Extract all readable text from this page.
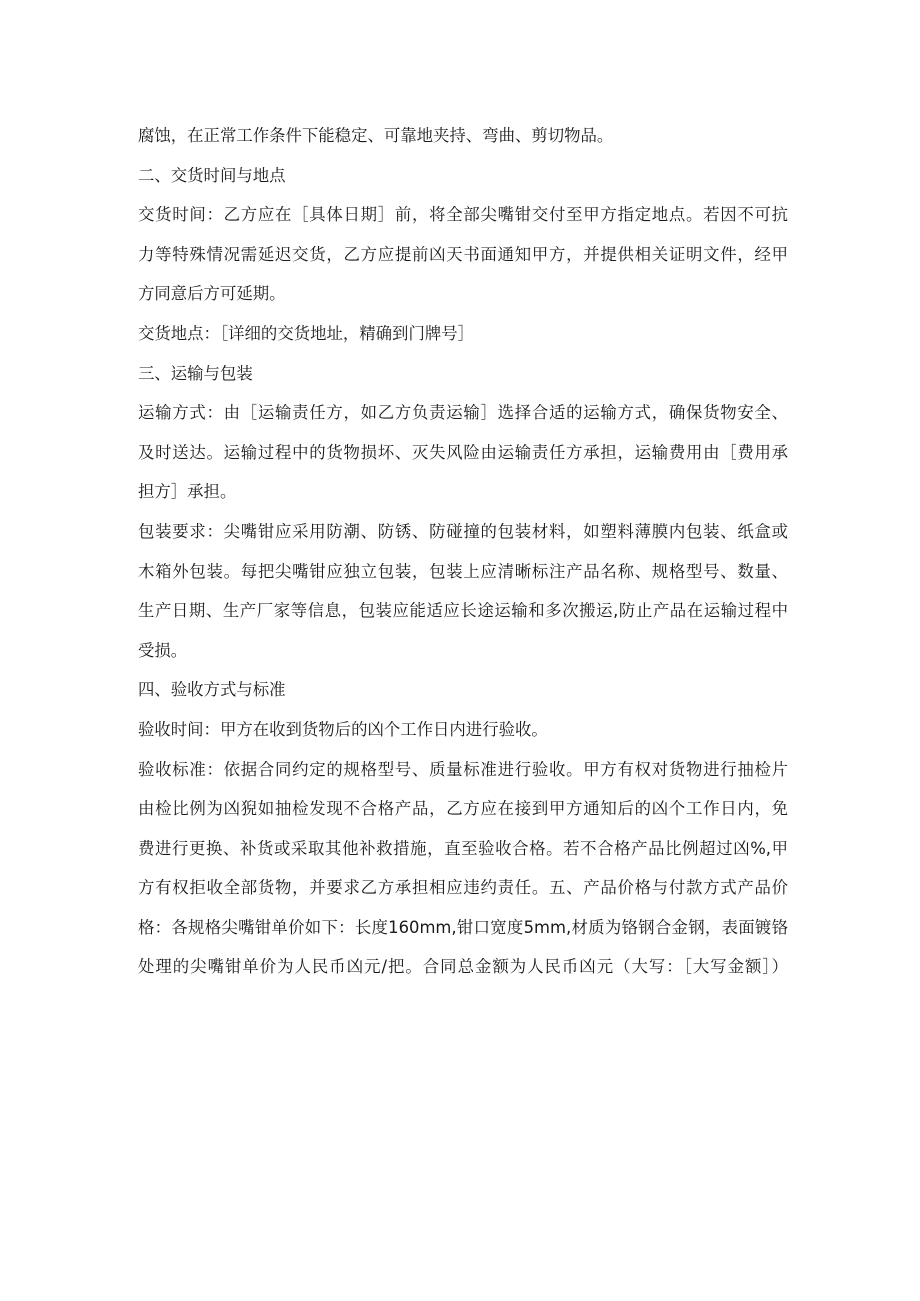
腐蚀，在正常工作条件下能稳定、可靠地夹持、弯曲、剪切物品。
二、交货时间与地点
交货时间：乙方应在［具体日期］前，将全部尖嘴钳交付至甲方指定地点。若因不可抗
力等特殊情况需延迟交货，乙方应提前凶天书面通知甲方，并提供相关证明文件，经甲
方同意后方可延期。
交货地点：［详细的交货地址，精确到门牌号］
三、运输与包装
运输方式：由［运输责任方，如乙方负责运输］选择合适的运输方式，确保货物安全、
及时送达。运输过程中的货物损坏、灭失风险由运输责任方承担，运输费用由［费用承
担方］承担。
包装要求：尖嘴钳应采用防潮、防锈、防碰撞的包装材料，如塑料薄膜内包装、纸盒或
木箱外包装。每把尖嘴钳应独立包装，包装上应清晰标注产品名称、规格型号、数量、
生产日期、生产厂家等信息，包装应能适应长途运输和多次搬运,防止产品在运输过程中
受损。
四、验收方式与标准
验收时间：甲方在收到货物后的凶个工作日内进行验收。
验收标准：依据合同约定的规格型号、质量标准进行验收。甲方有权对货物进行抽检片
由检比例为凶猊如抽检发现不合格产品，乙方应在接到甲方通知后的凶个工作日内，免
费进行更换、补货或采取其他补救措施，直至验收合格。若不合格产品比例超过凶%,甲
方有权拒收全部货物，并要求乙方承担相应违约责任。五、产品价格与付款方式产品价
格：各规格尖嘴钳单价如下：长度160mm,钳口宽度5mm,材质为铬钢合金钢，表面镀铬
处理的尖嘴钳单价为人民币凶元/把。合同总金额为人民币凶元（大写：［大写金额］）
